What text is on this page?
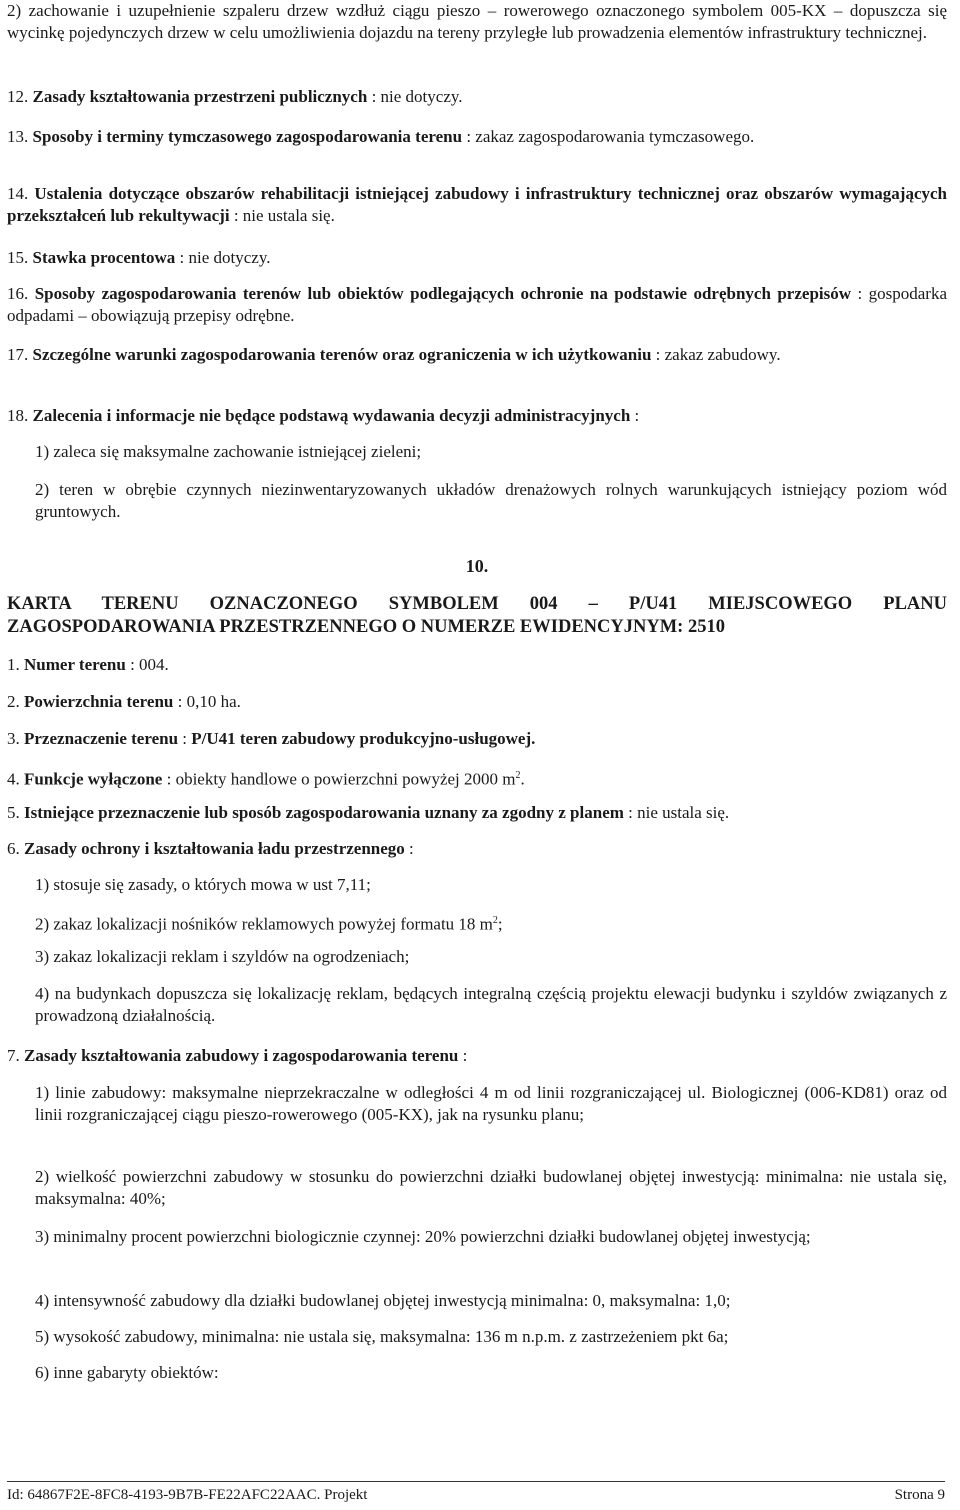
2) zachowanie i uzupełnienie szpaleru drzew wzdłuż ciągu pieszo – rowerowego oznaczonego symbolem 005-KX – dopuszcza się wycinkę pojedynczych drzew w celu umożliwienia dojazdu na tereny przyległe lub prowadzenia elementów infrastruktury technicznej.
12. Zasady kształtowania przestrzeni publicznych : nie dotyczy.
13. Sposoby i terminy tymczasowego zagospodarowania terenu : zakaz zagospodarowania tymczasowego.
14. Ustalenia dotyczące obszarów rehabilitacji istniejącej zabudowy i infrastruktury technicznej oraz obszarów wymagających przekształceń lub rekultywacji : nie ustala się.
15. Stawka procentowa : nie dotyczy.
16. Sposoby zagospodarowania terenów lub obiektów podlegających ochronie na podstawie odrębnych przepisów : gospodarka odpadami – obowiązują przepisy odrębne.
17. Szczególne warunki zagospodarowania terenów oraz ograniczenia w ich użytkowaniu : zakaz zabudowy.
18. Zalecenia i informacje nie będące podstawą wydawania decyzji administracyjnych :
1) zaleca się maksymalne zachowanie istniejącej zieleni;
2) teren w obrębie czynnych niezinwentaryzowanych układów drenażowych rolnych warunkujących istniejący poziom wód gruntowych.
10.
KARTA TERENU OZNACZONEGO SYMBOLEM 004 – P/U41 MIEJSCOWEGO PLANU ZAGOSPODAROWANIA PRZESTRZENNEGO O NUMERZE EWIDENCYJNYM: 2510
1. Numer terenu : 004.
2. Powierzchnia terenu : 0,10 ha.
3. Przeznaczenie terenu : P/U41 teren zabudowy produkcyjno-usługowej.
4. Funkcje wyłączone : obiekty handlowe o powierzchni powyżej 2000 $m^2$.
5. Istniejące przeznaczenie lub sposób zagospodarowania uznany za zgodny z planem : nie ustala się.
6. Zasady ochrony i kształtowania ładu przestrzennego :
1) stosuje się zasady, o których mowa w ust 7,11;
2) zakaz lokalizacji nośników reklamowych powyżej formatu 18 $m^2$;
3) zakaz lokalizacji reklam i szyldów na ogrodzeniach;
4) na budynkach dopuszcza się lokalizację reklam, będących integralną częścią projektu elewacji budynku i szyldów związanych z prowadzoną działalnością.
7. Zasady kształtowania zabudowy i zagospodarowania terenu :
1) linie zabudowy: maksymalne nieprzekraczalne w odległości 4 m od linii rozgraniczającej ul. Biologicznej (006-KD81) oraz od linii rozgraniczającej ciągu pieszo-rowerowego (005-KX), jak na rysunku planu;
2) wielkość powierzchni zabudowy w stosunku do powierzchni działki budowlanej objętej inwestycją: minimalna: nie ustala się, maksymalna: 40%;
3) minimalny procent powierzchni biologicznie czynnej: 20% powierzchni działki budowlanej objętej inwestycją;
4) intensywność zabudowy dla działki budowlanej objętej inwestycją minimalna: 0, maksymalna: 1,0;
5) wysokość zabudowy, minimalna: nie ustala się, maksymalna: 136 m n.p.m. z zastrzeżeniem pkt 6a;
6) inne gabaryty obiektów:
Id: 64867F2E-8FC8-4193-9B7B-FE22AFC22AAC. Projekt	Strona 9
